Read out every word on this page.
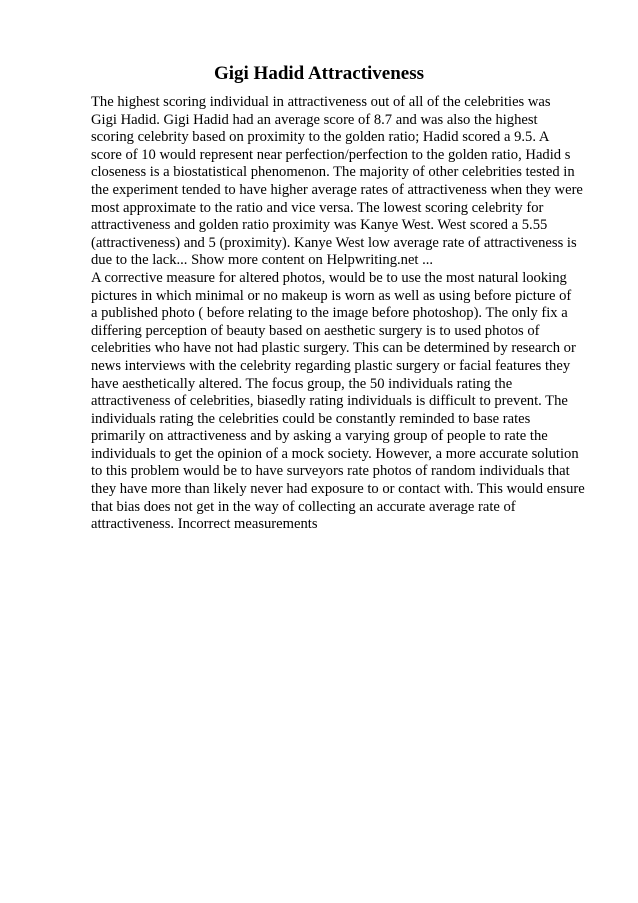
Gigi Hadid Attractiveness
The highest scoring individual in attractiveness out of all of the celebrities was
Gigi Hadid. Gigi Hadid had an average score of 8.7 and was also the highest
scoring celebrity based on proximity to the golden ratio; Hadid scored a 9.5. A
score of 10 would represent near perfection/perfection to the golden ratio, Hadid s
closeness is a biostatistical phenomenon. The majority of other celebrities tested in
the experiment tended to have higher average rates of attractiveness when they were
most approximate to the ratio and vice versa. The lowest scoring celebrity for
attractiveness and golden ratio proximity was Kanye West. West scored a 5.55
(attractiveness) and 5 (proximity). Kanye West low average rate of attractiveness is
due to the lack... Show more content on Helpwriting.net ...
A corrective measure for altered photos, would be to use the most natural looking
pictures in which minimal or no makeup is worn as well as using before picture of
a published photo ( before relating to the image before photoshop). The only fix a
differing perception of beauty based on aesthetic surgery is to used photos of
celebrities who have not had plastic surgery. This can be determined by research or
news interviews with the celebrity regarding plastic surgery or facial features they
have aesthetically altered. The focus group, the 50 individuals rating the
attractiveness of celebrities, biasedly rating individuals is difficult to prevent. The
individuals rating the celebrities could be constantly reminded to base rates
primarily on attractiveness and by asking a varying group of people to rate the
individuals to get the opinion of a mock society. However, a more accurate solution
to this problem would be to have surveyors rate photos of random individuals that
they have more than likely never had exposure to or contact with. This would ensure
that bias does not get in the way of collecting an accurate average rate of
attractiveness. Incorrect measurements
